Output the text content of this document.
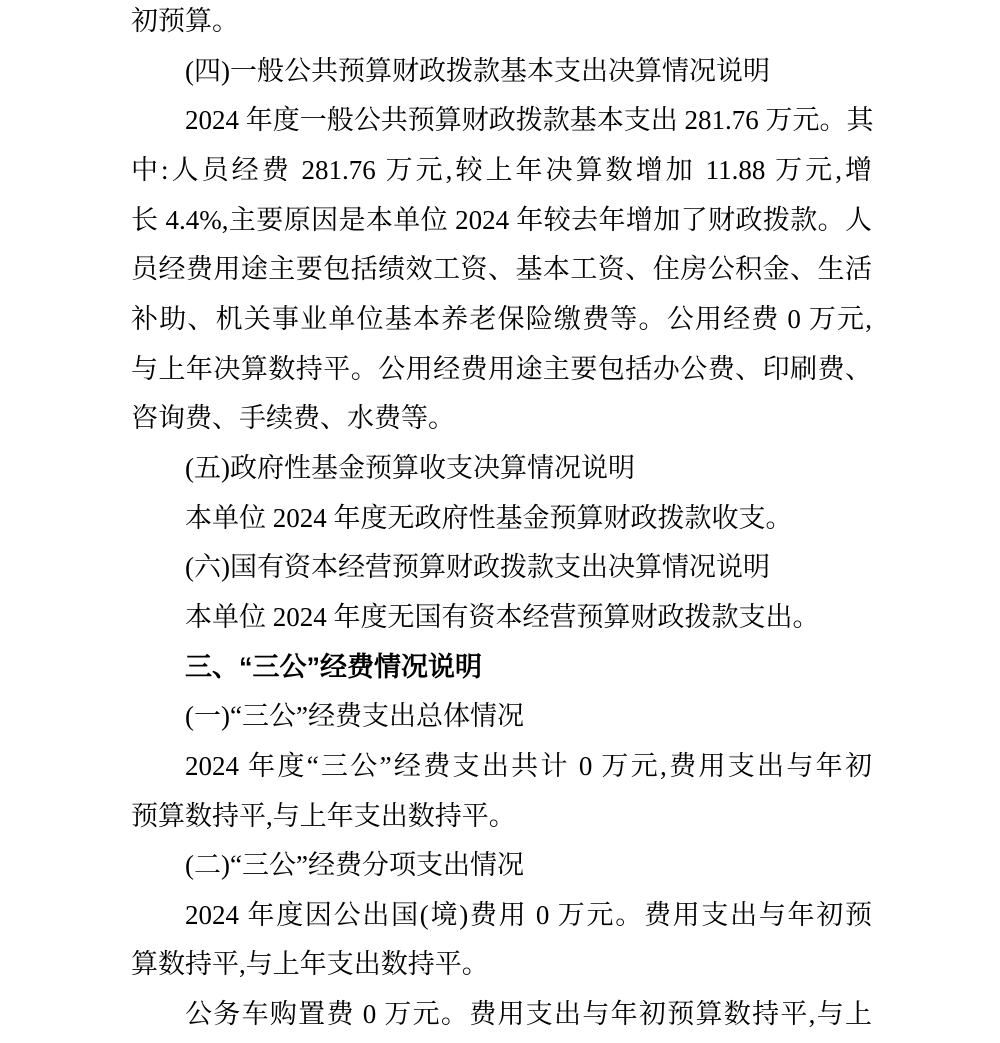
初预算。
(四)一般公共预算财政拨款基本支出决算情况说明
2024 年度一般公共预算财政拨款基本支出 281.76 万元。其
中:人员经费 281.76 万元,较上年决算数增加 11.88 万元,增
长 4.4%,主要原因是本单位 2024 年较去年增加了财政拨款。人
员经费用途主要包括绩效工资、基本工资、住房公积金、生活
补助、机关事业单位基本养老保险缴费等。公用经费 0 万元,
与上年决算数持平。公用经费用途主要包括办公费、印刷费、
咨询费、手续费、水费等。
(五)政府性基金预算收支决算情况说明
本单位 2024 年度无政府性基金预算财政拨款收支。
(六)国有资本经营预算财政拨款支出决算情况说明
本单位 2024 年度无国有资本经营预算财政拨款支出。
三、“三公”经费情况说明
(一)“三公”经费支出总体情况
2024 年度“三公”经费支出共计 0 万元,费用支出与年初
预算数持平,与上年支出数持平。
(二)“三公”经费分项支出情况
2024 年度因公出国(境)费用 0 万元。费用支出与年初预
算数持平,与上年支出数持平。
公务车购置费 0 万元。费用支出与年初预算数持平,与上
